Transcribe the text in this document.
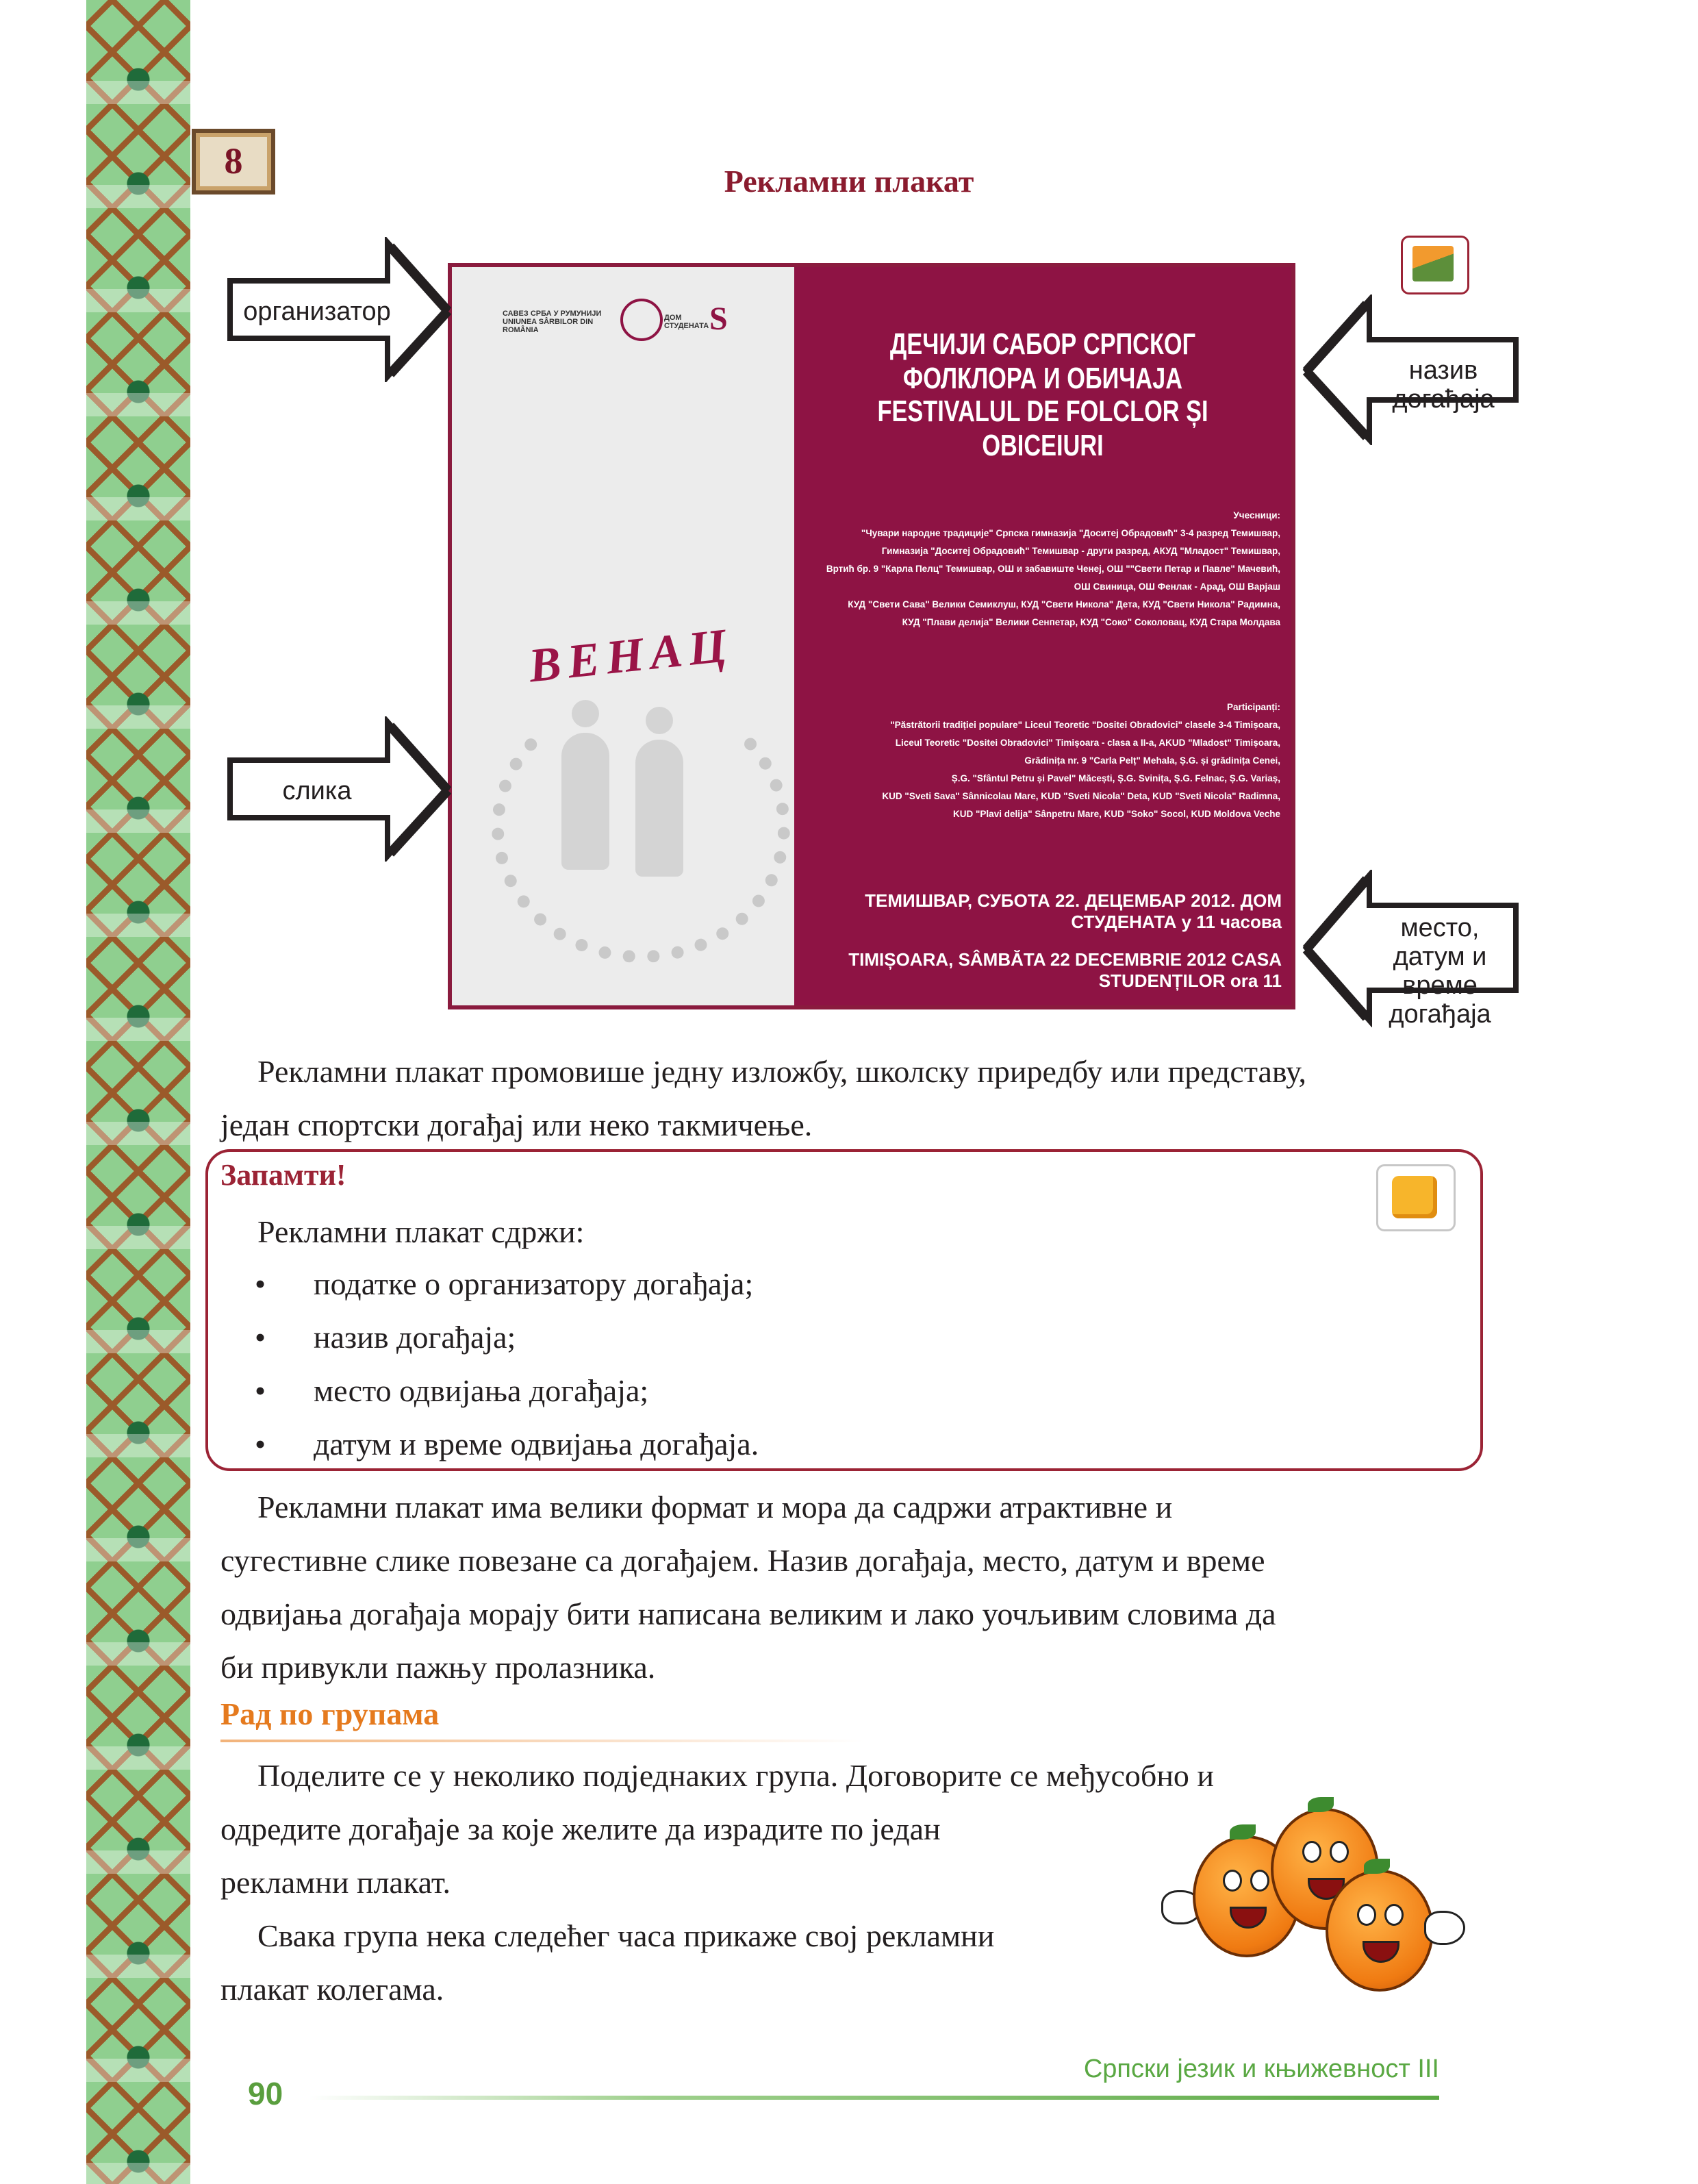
8	Рекламни плакат
САВЕЗ СРБА У РУМУНИЈИ UNIUNEA SÂRBILOR DIN ROMÂNIA
ДОМ СТУДЕНАТА S
ВЕНАЦ
ДЕЧИЈИ САБОР СРПСКОГ ФОЛКЛОРА И ОБИЧАЈА
FESTIVALUL DE FOLCLOR ȘI OBICEIURI
Учесници:
"Чувари народне традиције" Српска гимназија "Доситеј Обрадовић" 3-4 разред Темишвар,
Гимназија "Доситеј Обрадовић" Темишвар - други разред, АКУД "Младост" Темишвар,
Вртић бр. 9 "Карла Пелц" Темишвар, ОШ и забавиште Ченеј, ОШ ""Свети Петар и Павле" Мачевић,
ОШ Свиница, ОШ Фенлак - Арад, ОШ Варјаш
КУД "Свети Сава" Велики Семиклуш, КУД "Свети Никола" Дета, КУД "Свети Никола" Радимна,
КУД "Плави делија" Велики Сенпетар, КУД "Соко" Соколовац, КУД Стара Молдава
Participanți:
"Păstrătorii tradiției populare" Liceul Teoretic "Dositei Obradovici" clasele 3-4 Timișoara,
Liceul Teoretic "Dositei Obradovici" Timișoara - clasa a II-a, AKUD "Mladost" Timișoara,
Grădinița nr. 9 "Carla Pelț" Mehala, Ș.G. și grădinița Cenei,
Ș.G. "Sfântul Petru și Pavel" Măcești, Ș.G. Svinița, Ș.G. Felnac, Ș.G. Variaș,
KUD "Sveti Sava" Sânnicolau Mare, KUD "Sveti Nicola" Deta, KUD "Sveti Nicola" Radimna,
KUD "Plavi delija" Sânpetru Mare, KUD "Soko" Socol, KUD Moldova Veche
ТЕМИШВАР, СУБОТА 22. ДЕЦЕМБАР 2012. ДОМ СТУДЕНАТА у 11 часова
TIMIȘOARA, SÂMBĂTA 22 DECEMBRIE 2012 CASA STUDENȚILOR ora 11
организатор
слика
назив догађаја
место, датум и
време догађаја
Рекламни плакат промовише једну изложбу, школску приредбу или представу,
један спортски догађај или неко такмичење.
Запамти!
Рекламни плакат сдржи:
• податке о организатору догађаја;
• назив догађаја;
• место одвијања догађаја;
• датум и време одвијања догађаја.
Рекламни плакат има велики формат и мора да садржи атрактивне и
сугестивне слике повезане са догађајем. Назив догађаја, место, датум и време
одвијања догађаја морају бити написана великим и лако уочљивим словима да
би привукли пажњу пролазника.
Рад по групама
Поделите се у неколико подједнаких група. Договорите се међусобно и
одредите догађаје за које желите да израдите по један
рекламни плакат.
Свака група нека следећег часа прикаже свој рекламни
плакат колегама.
90
Српски језик и књижевност III
